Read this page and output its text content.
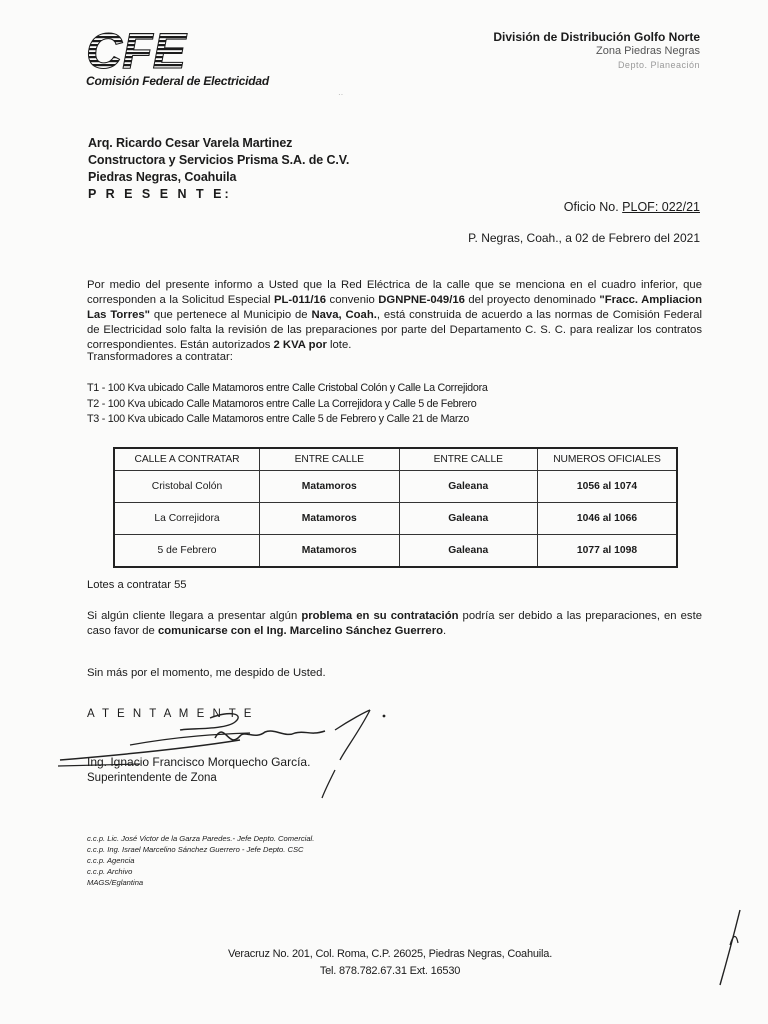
CFE
Comisión Federal de Electricidad
··
División de Distribución Golfo Norte
Zona Piedras Negras
Depto. Planeación
Arq. Ricardo Cesar Varela Martinez
Constructora y Servicios Prisma S.A. de C.V.
Piedras Negras, Coahuila
P R E S E N T E:
Oficio No. PLOF: 022/21
P. Negras, Coah., a 02 de Febrero del 2021
Por medio del presente informo a Usted que la Red Eléctrica de la calle que se menciona en el cuadro inferior, que corresponden a la Solicitud Especial PL-011/16 convenio DGNPNE-049/16 del proyecto denominado "Fracc. Ampliacion Las Torres" que pertenece al Municipio de Nava, Coah., está construida de acuerdo a las normas de Comisión Federal de Electricidad solo falta la revisión de las preparaciones por parte del Departamento C. S. C. para realizar los contratos correspondientes. Están autorizados 2 KVA por lote.
Transformadores a contratar:
T1 - 100 Kva ubicado Calle Matamoros entre Calle Cristobal Colón y Calle La Correjidora
T2 - 100 Kva ubicado Calle Matamoros entre Calle La Correjidora y Calle 5 de Febrero
T3 - 100 Kva ubicado Calle Matamoros entre Calle 5 de Febrero y Calle 21 de Marzo
CALLE A CONTRATAR	ENTRE CALLE	ENTRE CALLE	NUMEROS OFICIALES
Cristobal Colón	Matamoros	Galeana	1056 al 1074
La Correjidora	Matamoros	Galeana	1046 al 1066
5 de Febrero	Matamoros	Galeana	1077 al 1098
Lotes a contratar 55
Si algún cliente llegara a presentar algún problema en su contratación podría ser debido a las preparaciones, en este caso favor de comunicarse con el Ing. Marcelino Sánchez Guerrero.
Sin más por el momento, me despido de Usted.
A T E N T A M E N T E
Ing. Ignacio Francisco Morquecho García.
Superintendente de Zona
c.c.p. Lic. José Victor de la Garza Paredes.- Jefe Depto. Comercial.
c.c.p. Ing. Israel Marcelino Sánchez Guerrero - Jefe Depto. CSC
c.c.p. Agencia
c.c.p. Archivo
MAGS/Eglantina
Veracruz No. 201, Col. Roma, C.P. 26025, Piedras Negras, Coahuila.
Tel. 878.782.67.31 Ext. 16530
